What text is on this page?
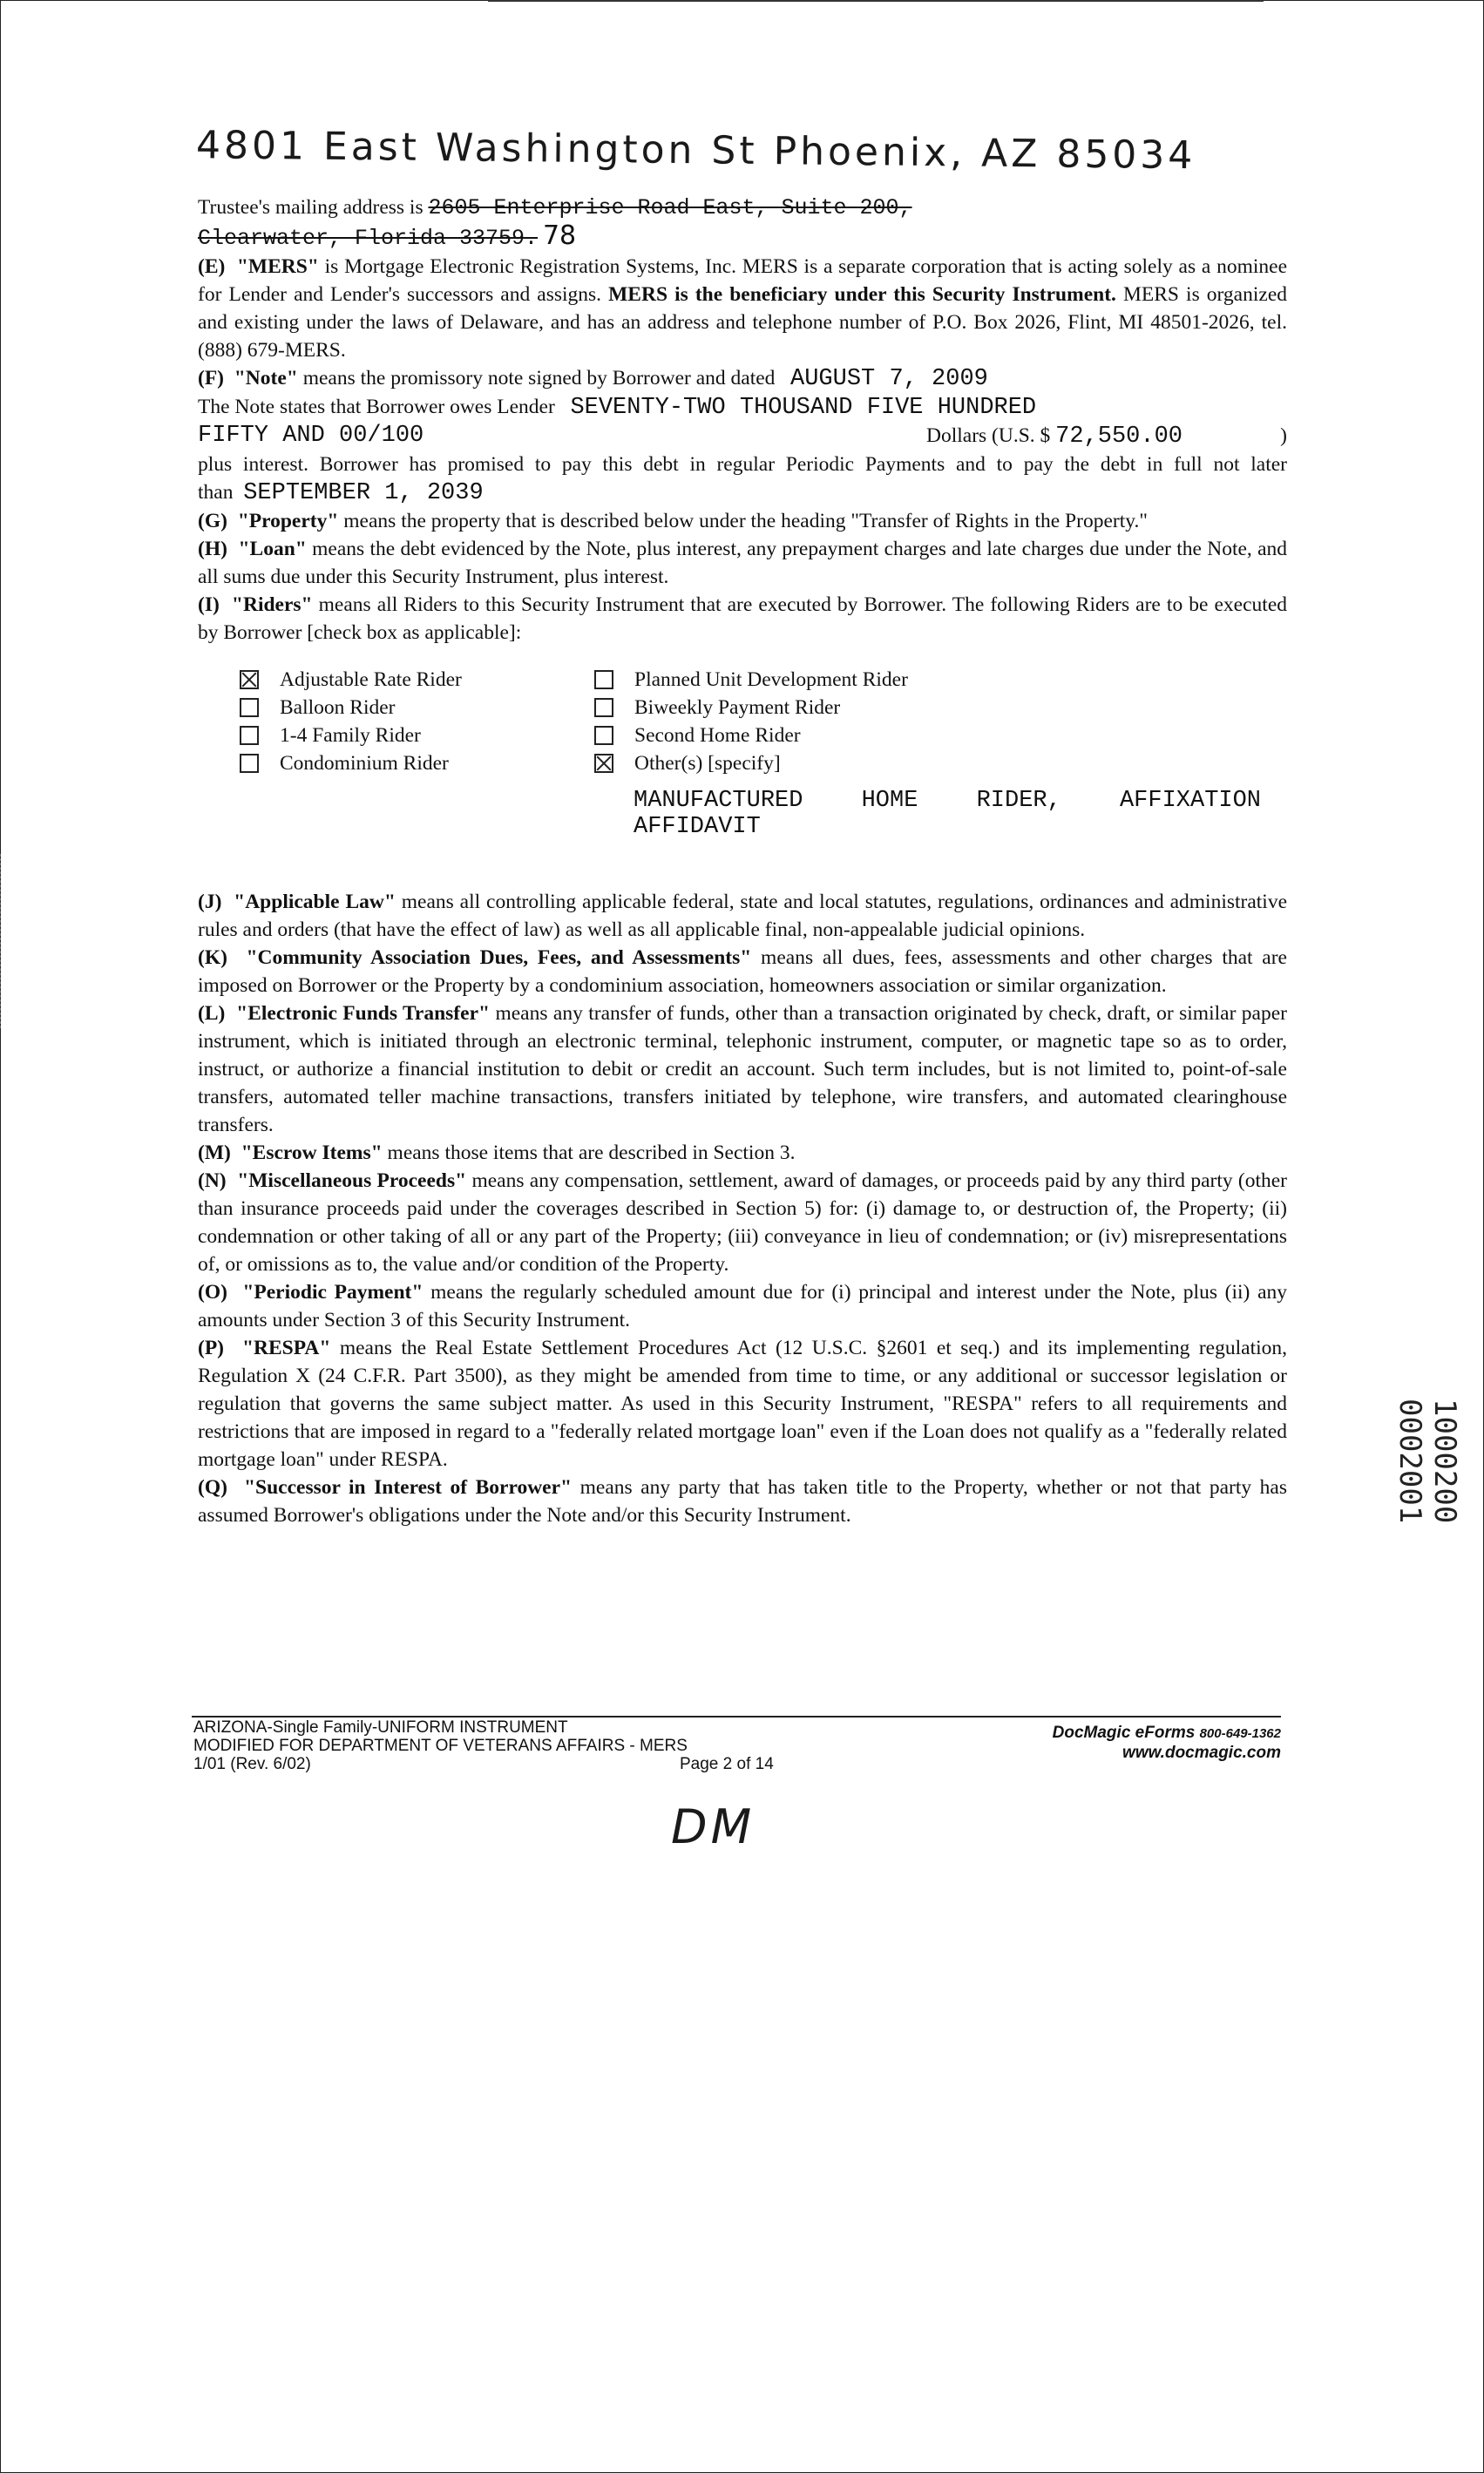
4801 East Washington St Phoenix, AZ 85034

Trustee's mailing address is 2605 Enterprise Road East, Suite 200,
Clearwater, Florida 33759. 78

(E) "MERS" is Mortgage Electronic Registration Systems, Inc. MERS is a separate corporation that is acting solely as a nominee for Lender and Lender's successors and assigns. MERS is the beneficiary under this Security Instrument. MERS is organized and existing under the laws of Delaware, and has an address and telephone number of P.O. Box 2026, Flint, MI 48501-2026, tel. (888) 679-MERS.

(F) "Note" means the promissory note signed by Borrower and dated AUGUST 7, 2009
The Note states that Borrower owes Lender SEVENTY-TWO THOUSAND FIVE HUNDRED

FIFTY AND 00/100	Dollars (U.S. $ 72,550.00	)
plus interest. Borrower has promised to pay this debt in regular Periodic Payments and to pay the debt in full not later than SEPTEMBER 1, 2039

(G) "Property" means the property that is described below under the heading "Transfer of Rights in the Property."

(H) "Loan" means the debt evidenced by the Note, plus interest, any prepayment charges and late charges due under the Note, and all sums due under this Security Instrument, plus interest.

(I) "Riders" means all Riders to this Security Instrument that are executed by Borrower. The following Riders are to be executed by Borrower [check box as applicable]:

Adjustable Rate Rider
Balloon Rider
1-4 Family Rider
Condominium Rider
Planned Unit Development Rider
Biweekly Payment Rider
Second Home Rider
Other(s) [specify]
MANUFACTURED HOME RIDER, AFFIXATION AFFIDAVIT

(J) "Applicable Law" means all controlling applicable federal, state and local statutes, regulations, ordinances and administrative rules and orders (that have the effect of law) as well as all applicable final, non-appealable judicial opinions.

(K) "Community Association Dues, Fees, and Assessments" means all dues, fees, assessments and other charges that are imposed on Borrower or the Property by a condominium association, homeowners association or similar organization.

(L) "Electronic Funds Transfer" means any transfer of funds, other than a transaction originated by check, draft, or similar paper instrument, which is initiated through an electronic terminal, telephonic instrument, computer, or magnetic tape so as to order, instruct, or authorize a financial institution to debit or credit an account. Such term includes, but is not limited to, point-of-sale transfers, automated teller machine transactions, transfers initiated by telephone, wire transfers, and automated clearinghouse transfers.

(M) "Escrow Items" means those items that are described in Section 3.

(N) "Miscellaneous Proceeds" means any compensation, settlement, award of damages, or proceeds paid by any third party (other than insurance proceeds paid under the coverages described in Section 5) for: (i) damage to, or destruction of, the Property; (ii) condemnation or other taking of all or any part of the Property; (iii) conveyance in lieu of condemnation; or (iv) misrepresentations of, or omissions as to, the value and/or condition of the Property.

(O) "Periodic Payment" means the regularly scheduled amount due for (i) principal and interest under the Note, plus (ii) any amounts under Section 3 of this Security Instrument.

(P) "RESPA" means the Real Estate Settlement Procedures Act (12 U.S.C. §2601 et seq.) and its implementing regulation, Regulation X (24 C.F.R. Part 3500), as they might be amended from time to time, or any additional or successor legislation or regulation that governs the same subject matter. As used in this Security Instrument, "RESPA" refers to all requirements and restrictions that are imposed in regard to a "federally related mortgage loan" even if the Loan does not qualify as a "federally related mortgage loan" under RESPA.

(Q) "Successor in Interest of Borrower" means any party that has taken title to the Property, whether or not that party has assumed Borrower's obligations under the Note and/or this Security Instrument.	1000200 0002001
ARIZONA-Single Family-UNIFORM INSTRUMENT
MODIFIED FOR DEPARTMENT OF VETERANS AFFAIRS - MERS
1/01 (Rev. 6/02)	Page 2 of 14
DocMagic eForms 800-649-1362
www.docmagic.com
DM
